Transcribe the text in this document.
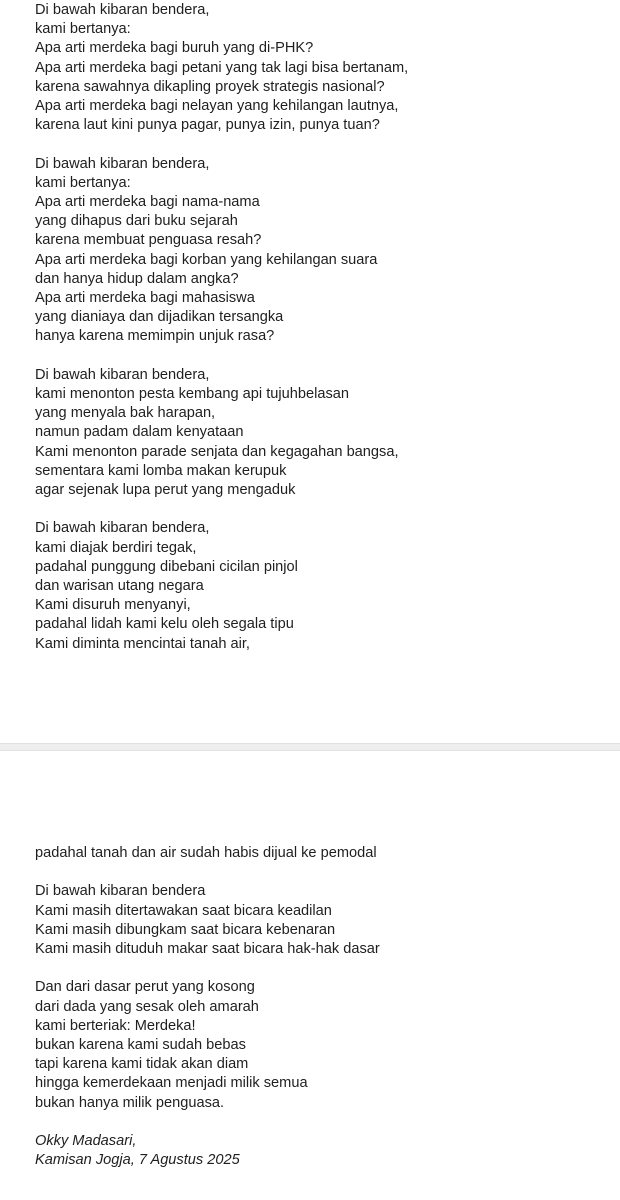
Di bawah kibaran bendera,
kami bertanya:
Apa arti merdeka bagi buruh yang di-PHK?
Apa arti merdeka bagi petani yang tak lagi bisa bertanam,
karena sawahnya dikapling proyek strategis nasional?
Apa arti merdeka bagi nelayan yang kehilangan lautnya,
karena laut kini punya pagar, punya izin, punya tuan?
Di bawah kibaran bendera,
kami bertanya:
Apa arti merdeka bagi nama-nama
yang dihapus dari buku sejarah
karena membuat penguasa resah?
Apa arti merdeka bagi korban yang kehilangan suara
dan hanya hidup dalam angka?
Apa arti merdeka bagi mahasiswa
yang dianiaya dan dijadikan tersangka
hanya karena memimpin unjuk rasa?
Di bawah kibaran bendera,
kami menonton pesta kembang api tujuhbelasan
yang menyala bak harapan,
namun padam dalam kenyataan
Kami menonton parade senjata dan kegagahan bangsa,
sementara kami lomba makan kerupuk
agar sejenak lupa perut yang mengaduk
Di bawah kibaran bendera,
kami diajak berdiri tegak,
padahal punggung dibebani cicilan pinjol
dan warisan utang negara
Kami disuruh menyanyi,
padahal lidah kami kelu oleh segala tipu
Kami diminta mencintai tanah air,
padahal tanah dan air sudah habis dijual ke pemodal
Di bawah kibaran bendera
Kami masih ditertawakan saat bicara keadilan
Kami masih dibungkam saat bicara kebenaran
Kami masih dituduh makar saat bicara hak-hak dasar
Dan dari dasar perut yang kosong
dari dada yang sesak oleh amarah
kami berteriak: Merdeka!
bukan karena kami sudah bebas
tapi karena kami tidak akan diam
hingga kemerdekaan menjadi milik semua
bukan hanya milik penguasa.
Okky Madasari,
Kamisan Jogja, 7 Agustus 2025
